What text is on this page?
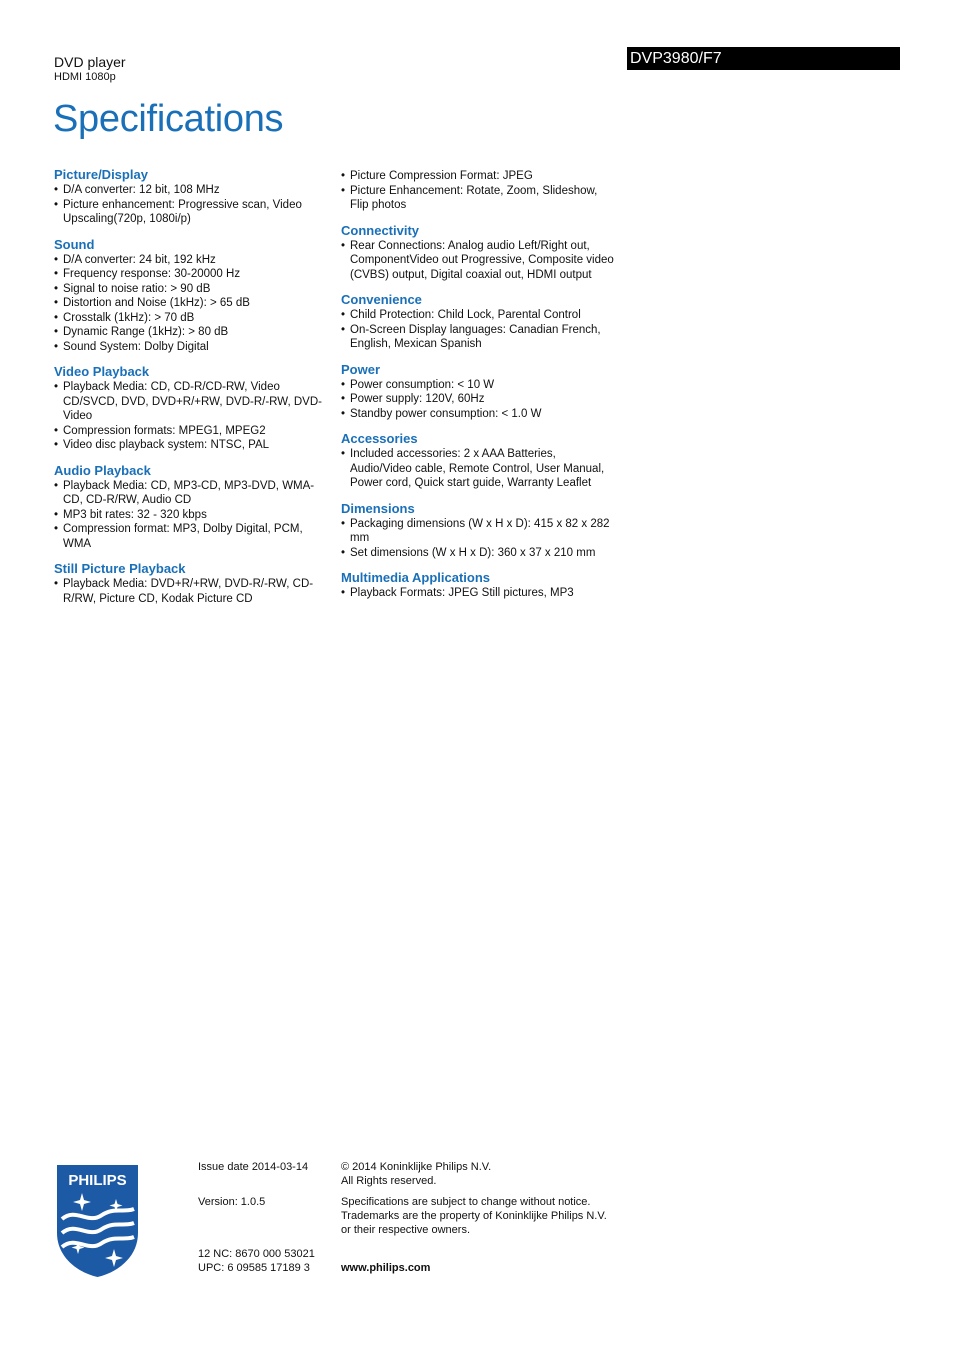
DVD player
HDMI 1080p
Specifications
DVP3980/F7
Picture/Display
• D/A converter: 12 bit, 108 MHz
• Picture enhancement: Progressive scan, Video Upscaling(720p, 1080i/p)
Sound
• D/A converter: 24 bit, 192 kHz
• Frequency response: 30-20000 Hz
• Signal to noise ratio: > 90 dB
• Distortion and Noise (1kHz): > 65 dB
• Crosstalk (1kHz): > 70 dB
• Dynamic Range (1kHz): > 80 dB
• Sound System: Dolby Digital
Video Playback
• Playback Media: CD, CD-R/CD-RW, Video CD/SVCD, DVD, DVD+R/+RW, DVD-R/-RW, DVD-Video
• Compression formats: MPEG1, MPEG2
• Video disc playback system: NTSC, PAL
Audio Playback
• Playback Media: CD, MP3-CD, MP3-DVD, WMA-CD, CD-R/RW, Audio CD
• MP3 bit rates: 32 - 320 kbps
• Compression format: MP3, Dolby Digital, PCM, WMA
Still Picture Playback
• Playback Media: DVD+R/+RW, DVD-R/-RW, CD-R/RW, Picture CD, Kodak Picture CD
• Picture Compression Format: JPEG
• Picture Enhancement: Rotate, Zoom, Slideshow, Flip photos
Connectivity
• Rear Connections: Analog audio Left/Right out, ComponentVideo out Progressive, Composite video (CVBS) output, Digital coaxial out, HDMI output
Convenience
• Child Protection: Child Lock, Parental Control
• On-Screen Display languages: Canadian French, English, Mexican Spanish
Power
• Power consumption: < 10 W
• Power supply: 120V, 60Hz
• Standby power consumption: < 1.0 W
Accessories
• Included accessories: 2 x AAA Batteries, Audio/Video cable, Remote Control, User Manual, Power cord, Quick start guide, Warranty Leaflet
Dimensions
• Packaging dimensions (W x H x D): 415 x 82 x 282 mm
• Set dimensions (W x H x D): 360 x 37 x 210 mm
Multimedia Applications
• Playback Formats: JPEG Still pictures, MP3
PHILIPS
Issue date 2014-03-14
Version: 1.0.5
12 NC: 8670 000 53021
UPC: 6 09585 17189 3
© 2014 Koninklijke Philips N.V.
All Rights reserved.
Specifications are subject to change without notice.
Trademarks are the property of Koninklijke Philips N.V.
or their respective owners.
www.philips.com
